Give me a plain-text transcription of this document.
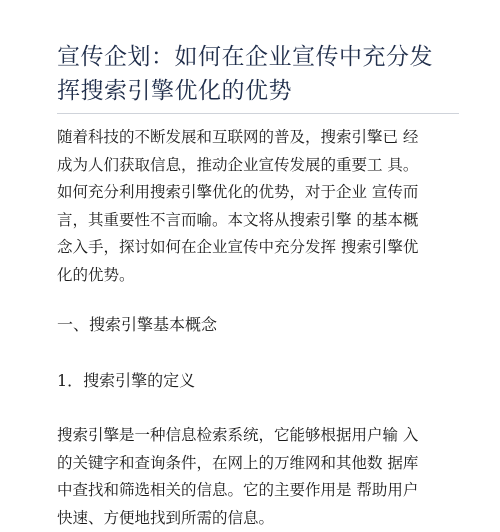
宣传企划：如何在企业宣传中充分发
挥搜索引擎优化的优势
随着科技的不断发展和互联网的普及，搜索引擎已 经
成为人们获取信息，推动企业宣传发展的重要工 具。
如何充分利用搜索引擎优化的优势，对于企业 宣传而
言，其重要性不言而喻。本文将从搜索引擎 的基本概
念入手，探讨如何在企业宣传中充分发挥 搜索引擎优
化的优势。
一、搜索引擎基本概念
1．搜索引擎的定义
搜索引擎是一种信息检索系统，它能够根据用户输 入
的关键字和查询条件，在网上的万维网和其他数 据库
中查找和筛选相关的信息。它的主要作用是 帮助用户
快速、方便地找到所需的信息。
